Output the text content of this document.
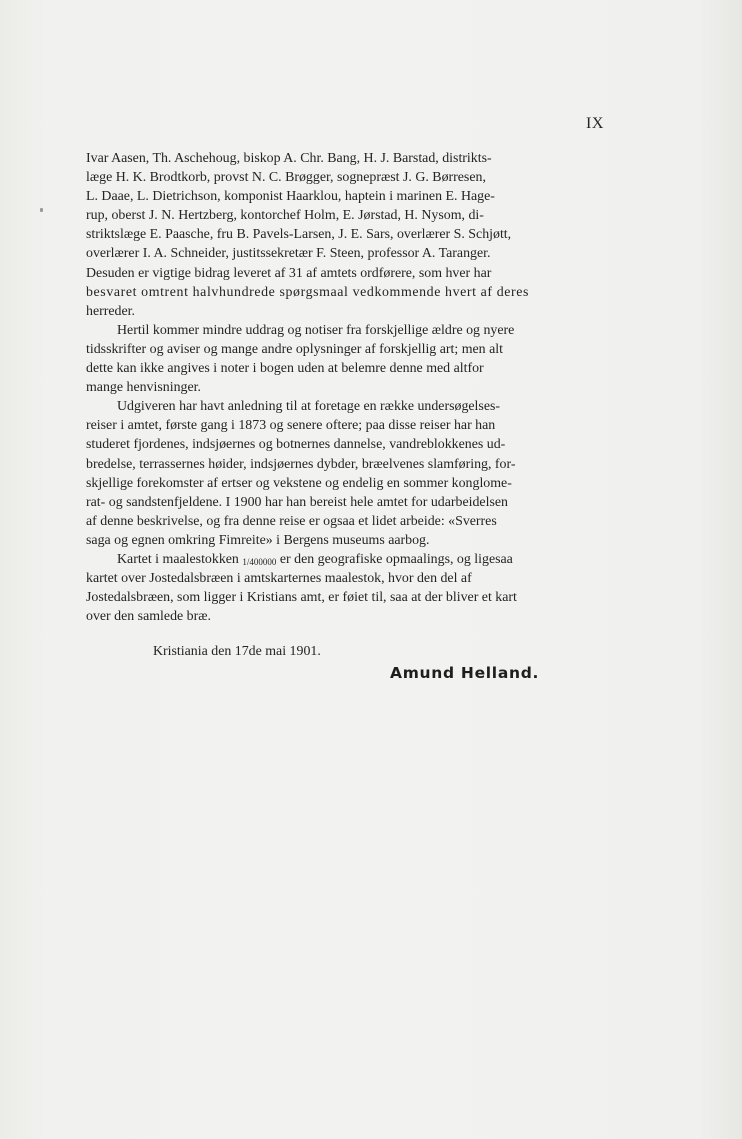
IX
Ivar Aasen, Th. Aschehoug, biskop A. Chr. Bang, H. J. Barstad, distrikts-
læge H. K. Brodtkorb, provst N. C. Brøgger, sognepræst J. G. Børresen,
L. Daae, L. Dietrichson, komponist Haarklou, haptein i marinen E. Hage-
rup, oberst J. N. Hertzberg, kontorchef Holm, E. Jørstad, H. Nysom, di-
striktslæge E. Paasche, fru B. Pavels-Larsen, J. E. Sars, overlærer S. Schjøtt,
overlærer I. A. Schneider, justitssekretær F. Steen, professor A. Taranger.
Desuden er vigtige bidrag leveret af 31 af amtets ordførere, som hver har
besvaret omtrent halvhundrede spørgsmaal vedkommende hvert af deres
herreder.
Hertil kommer mindre uddrag og notiser fra forskjellige ældre og nyere
tidsskrifter og aviser og mange andre oplysninger af forskjellig art; men alt
dette kan ikke angives i noter i bogen uden at belemre denne med altfor
mange henvisninger.
Udgiveren har havt anledning til at foretage en række undersøgelses-
reiser i amtet, første gang i 1873 og senere oftere; paa disse reiser har han
studeret fjordenes, indsjøernes og botnernes dannelse, vandreblokkenes ud-
bredelse, terrassernes høider, indsjøernes dybder, bræelvenes slamføring, for-
skjellige forekomster af ertser og vekstene og endelig en sommer konglome-
rat- og sandstenfjeldene. I 1900 har han bereist hele amtet for udarbeidelsen
af denne beskrivelse, og fra denne reise er ogsaa et lidet arbeide: «Sverres
saga og egnen omkring Fimreite» i Bergens museums aarbog.
Kartet i maalestokken 1/400000 er den geografiske opmaalings, og ligesaa
kartet over Jostedalsbræen i amtskarternes maalestok, hvor den del af
Jostedalsbræen, som ligger i Kristians amt, er føiet til, saa at der bliver et kart
over den samlede bræ.
Kristiania den 17de mai 1901.
Amund Helland.
